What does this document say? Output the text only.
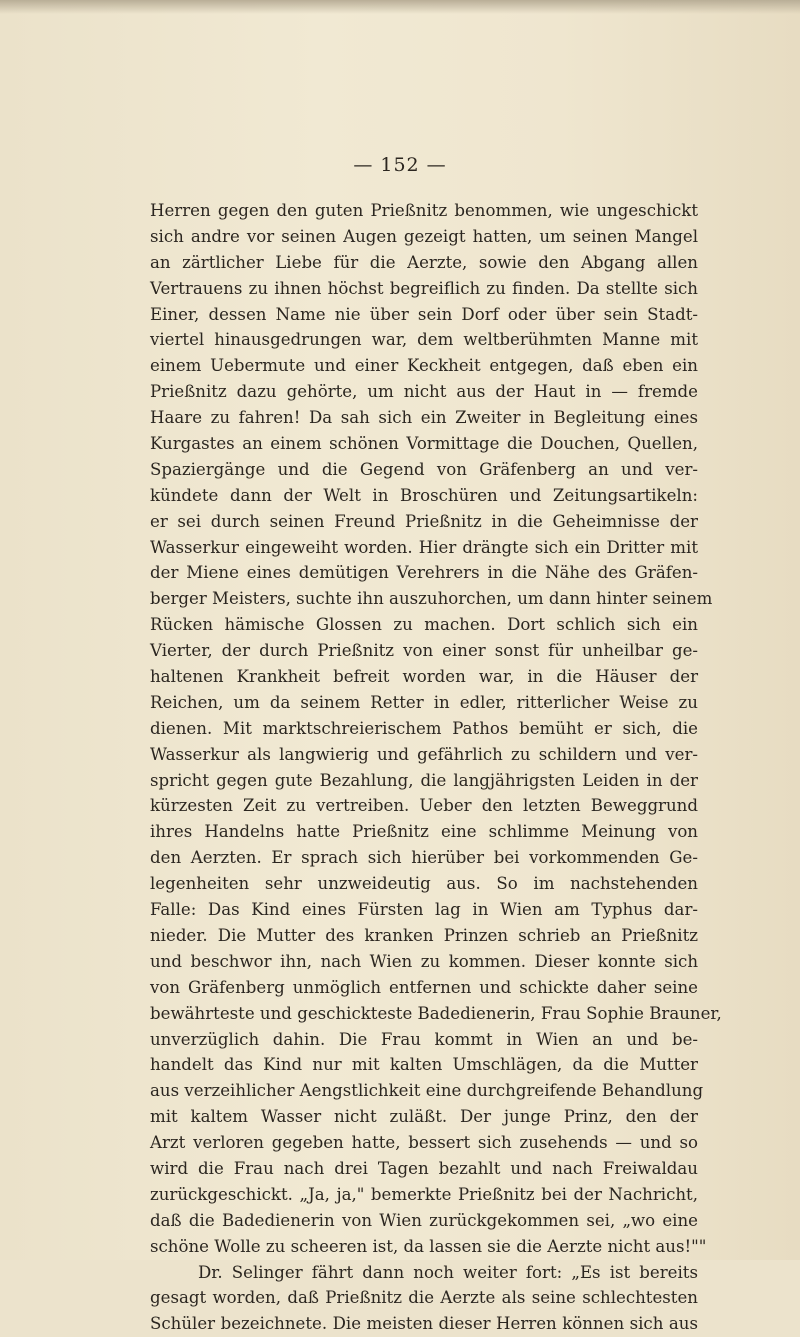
— 152 —
Herren gegen den guten Prießnitz benommen, wie ungeschickt
sich andre vor seinen Augen gezeigt hatten, um seinen Mangel
an zärtlicher Liebe für die Aerzte, sowie den Abgang allen
Vertrauens zu ihnen höchst begreiflich zu finden. Da stellte sich
Einer, dessen Name nie über sein Dorf oder über sein Stadt-
viertel hinausgedrungen war, dem weltberühmten Manne mit
einem Uebermute und einer Keckheit entgegen, daß eben ein
Prießnitz dazu gehörte, um nicht aus der Haut in — fremde
Haare zu fahren! Da sah sich ein Zweiter in Begleitung eines
Kurgastes an einem schönen Vormittage die Douchen, Quellen,
Spaziergänge und die Gegend von Gräfenberg an und ver-
kündete dann der Welt in Broschüren und Zeitungsartikeln:
er sei durch seinen Freund Prießnitz in die Geheimnisse der
Wasserkur eingeweiht worden. Hier drängte sich ein Dritter mit
der Miene eines demütigen Verehrers in die Nähe des Gräfen-
berger Meisters, suchte ihn auszuhorchen, um dann hinter seinem
Rücken hämische Glossen zu machen. Dort schlich sich ein
Vierter, der durch Prießnitz von einer sonst für unheilbar ge-
haltenen Krankheit befreit worden war, in die Häuser der
Reichen, um da seinem Retter in edler, ritterlicher Weise zu
dienen. Mit marktschreierischem Pathos bemüht er sich, die
Wasserkur als langwierig und gefährlich zu schildern und ver-
spricht gegen gute Bezahlung, die langjährigsten Leiden in der
kürzesten Zeit zu vertreiben. Ueber den letzten Beweggrund
ihres Handelns hatte Prießnitz eine schlimme Meinung von
den Aerzten. Er sprach sich hierüber bei vorkommenden Ge-
legenheiten sehr unzweideutig aus. So im nachstehenden
Falle: Das Kind eines Fürsten lag in Wien am Typhus dar-
nieder. Die Mutter des kranken Prinzen schrieb an Prießnitz
und beschwor ihn, nach Wien zu kommen. Dieser konnte sich
von Gräfenberg unmöglich entfernen und schickte daher seine
bewährteste und geschickteste Badedienerin, Frau Sophie Brauner,
unverzüglich dahin. Die Frau kommt in Wien an und be-
handelt das Kind nur mit kalten Umschlägen, da die Mutter
aus verzeihlicher Aengstlichkeit eine durchgreifende Behandlung
mit kaltem Wasser nicht zuläßt. Der junge Prinz, den der
Arzt verloren gegeben hatte, bessert sich zusehends — und so
wird die Frau nach drei Tagen bezahlt und nach Freiwaldau
zurückgeschickt. „Ja, ja," bemerkte Prießnitz bei der Nachricht,
daß die Badedienerin von Wien zurückgekommen sei, „wo eine
schöne Wolle zu scheeren ist, da lassen sie die Aerzte nicht aus!""
Dr. Selinger fährt dann noch weiter fort: „Es ist bereits
gesagt worden, daß Prießnitz die Aerzte als seine schlechtesten
Schüler bezeichnete. Die meisten dieser Herren können sich aus
